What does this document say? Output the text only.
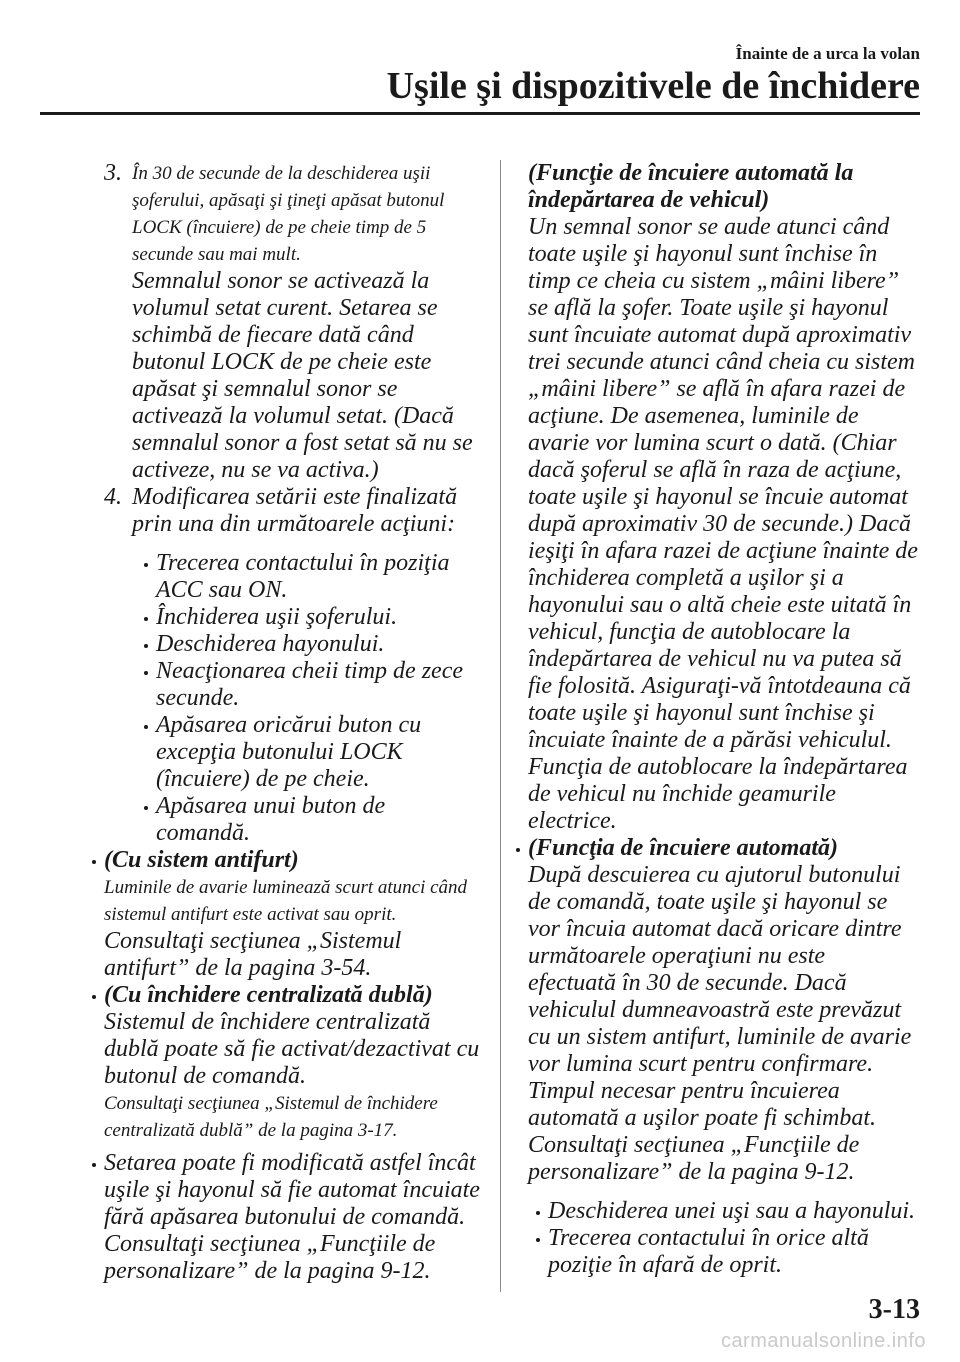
Înainte de a urca la volan
Uşile şi dispozitivele de închidere
3. În 30 de secunde de la deschiderea uşii şoferului, apăsaţi şi ţineţi apăsat butonul LOCK (încuiere) de pe cheie timp de 5 secunde sau mai mult.

Semnalul sonor se activează la volumul setat curent. Setarea se schimbă de fiecare dată când butonul LOCK de pe cheie este apăsat şi semnalul sonor se activează la volumul setat. (Dacă semnalul sonor a fost setat să nu se activeze, nu se va activa.)

4. Modificarea setării este finalizată prin una din următoarele acţiuni:

Trecerea contactului în poziţia ACC sau ON.

Închiderea uşii şoferului.

Deschiderea hayonului.

Neacţionarea cheii timp de zece secunde.

Apăsarea oricărui buton cu excepţia butonului LOCK (încuiere) de pe cheie.

Apăsarea unui buton de comandă.

(Cu sistem antifurt)

Luminile de avarie luminează scurt atunci când sistemul antifurt este activat sau oprit.

Consultaţi secţiunea „Sistemul antifurt” de la pagina 3-54.

(Cu închidere centralizată dublă)

Sistemul de închidere centralizată dublă poate să fie activat/dezactivat cu butonul de comandă.

Consultaţi secţiunea „Sistemul de închidere centralizată dublă” de la pagina 3-17.

Setarea poate fi modificată astfel încât uşile şi hayonul să fie automat încuiate fără apăsarea butonului de comandă. Consultaţi secţiunea „Funcţiile de personalizare” de la pagina 9-12.

(Funcţie de încuiere automată la îndepărtarea de vehicul)

Un semnal sonor se aude atunci când toate uşile şi hayonul sunt închise în timp ce cheia cu sistem „mâini libere” se află la şofer. Toate uşile şi hayonul sunt încuiate automat după aproximativ trei secunde atunci când cheia cu sistem „mâini libere” se află în afara razei de acţiune. De asemenea, luminile de avarie vor lumina scurt o dată. (Chiar dacă şoferul se află în raza de acţiune, toate uşile şi hayonul se încuie automat după aproximativ 30 de secunde.) Dacă ieşiţi în afara razei de acţiune înainte de închiderea completă a uşilor şi a hayonului sau o altă cheie este uitată în vehicul, funcţia de autoblocare la îndepărtarea de vehicul nu va putea să fie folosită. Asiguraţi-vă întotdeauna că toate uşile şi hayonul sunt închise şi încuiate înainte de a părăsi vehiculul. Funcţia de autoblocare la îndepărtarea de vehicul nu închide geamurile electrice.

(Funcţia de încuiere automată)

După descuierea cu ajutorul butonului de comandă, toate uşile şi hayonul se vor încuia automat dacă oricare dintre următoarele operaţiuni nu este efectuată în 30 de secunde. Dacă vehiculul dumneavoastră este prevăzut cu un sistem antifurt, luminile de avarie vor lumina scurt pentru confirmare. Timpul necesar pentru încuierea automată a uşilor poate fi schimbat. Consultaţi secţiunea „Funcţiile de personalizare” de la pagina 9-12.

Deschiderea unei uşi sau a hayonului.

Trecerea contactului în orice altă poziţie în afară de oprit.

3-13
carmanualsonline.info
